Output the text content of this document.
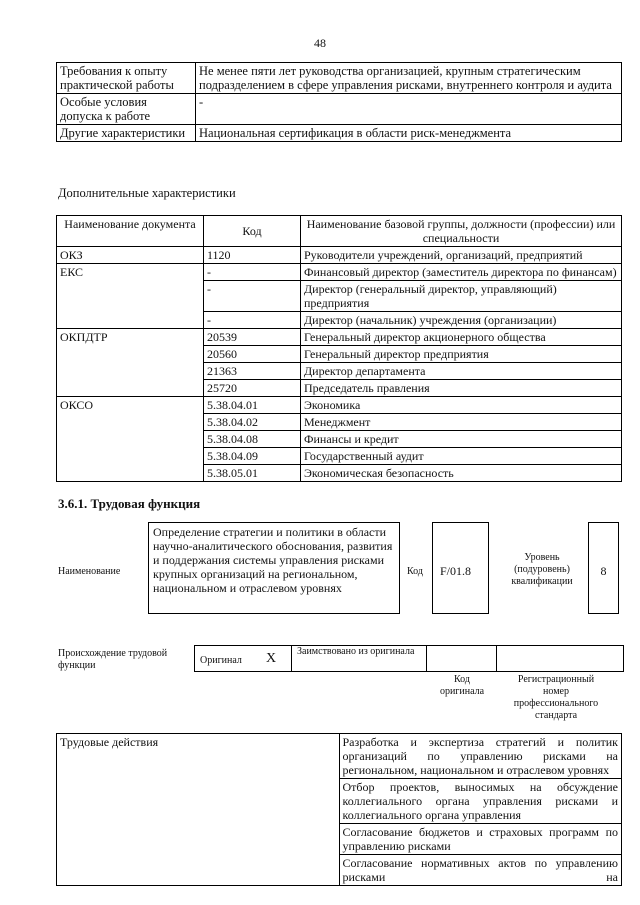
48
Требования к опыту практической работы	Не менее пяти лет руководства организацией, крупным стратегическим подразделением в сфере управления рисками, внутреннего контроля и аудита
Особые условия допуска к работе	-
Другие характеристики	Национальная сертификация в области риск-менеджмента
Дополнительные характеристики
Наименование документа	Код	Наименование базовой группы, должности (профессии) или специальности
ОКЗ	1120	Руководители учреждений, организаций, предприятий
ЕКС	-	Финансовый директор (заместитель директора по финансам)
	-	Директор (генеральный директор, управляющий) предприятия
	-	Директор (начальник) учреждения (организации)
ОКПДТР	20539	Генеральный директор акционерного общества
	20560	Генеральный директор предприятия
	21363	Директор департамента
	25720	Председатель правления
ОКСО	5.38.04.01	Экономика
	5.38.04.02	Менеджмент
	5.38.04.08	Финансы и кредит
	5.38.04.09	Государственный аудит
	5.38.05.01	Экономическая безопасность
3.6.1. Трудовая функция
Наименование
Определение стратегии и политики в области научно-аналитического обоснования, развития и поддержания системы управления рисками крупных организаций на региональном, национальном и отраслевом уровнях
Код	F/01.8
Уровень (подуровень) квалификации
8
Происхождение трудовой функции	Оригинал X Заимствовано из оригинала
Код оригинала
Регистрационный номер профессионального стандарта
Трудовые действия	Разработка и экспертиза стратегий и политик организаций по управлению рисками на региональном, национальном и отраслевом уровнях
Отбор проектов, выносимых на обсуждение коллегиального органа управления рисками и коллегиального органа управления
Согласование бюджетов и страховых программ по управлению рисками
Согласование нормативных актов по управлению рисками на
